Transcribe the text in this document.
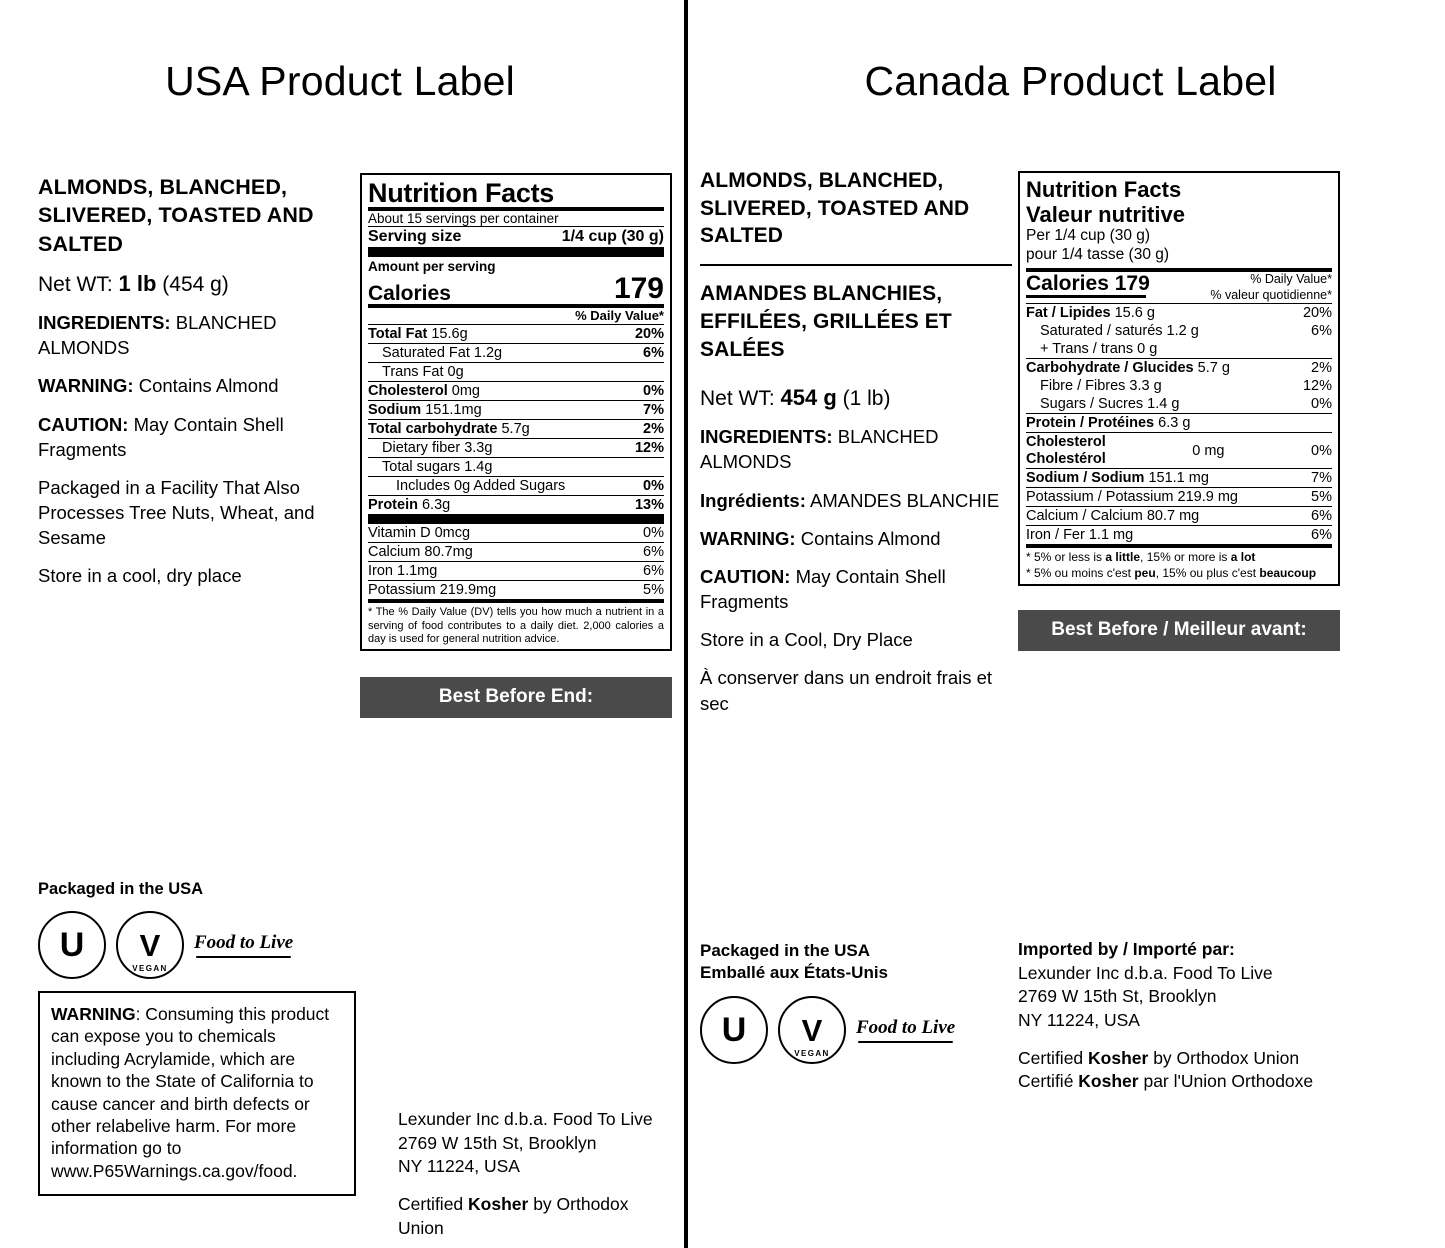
USA Product Label
ALMONDS, BLANCHED, SLIVERED, TOASTED AND SALTED
Net WT: 1 lb (454 g)
INGREDIENTS: BLANCHED ALMONDS
WARNING: Contains Almond
CAUTION: May Contain Shell Fragments
Packaged in a Facility That Also Processes Tree Nuts, Wheat, and Sesame
Store in a cool, dry place
Nutrition Facts
About 15 servings per container
Serving size	1/4 cup (30 g)
Amount per serving
Calories	179
% Daily Value*
Total Fat 15.6g	20%
Saturated Fat 1.2g	6%
Trans Fat 0g
Cholesterol 0mg	0%
Sodium 151.1mg	7%
Total carbohydrate 5.7g	2%
Dietary fiber 3.3g	12%
Total sugars 1.4g
Includes 0g Added Sugars	0%
Protein 6.3g	13%
Vitamin D 0mcg	0%
Calcium 80.7mg	6%
Iron 1.1mg	6%
Potassium 219.9mg	5%
* The % Daily Value (DV) tells you how much a nutrient in a serving of food contributes to a daily diet. 2,000 calories a day is used for general nutrition advice.
Best Before End:
Packaged in the USA
U V
VEGAN
Food to Live
WARNING: Consuming this product can expose you to chemicals including Acrylamide, which are known to the State of California to cause cancer and birth defects or other relabelive harm. For more information go to www.P65Warnings.ca.gov/food.
Lexunder Inc d.b.a. Food To Live
2769 W 15th St, Brooklyn
NY 11224, USA
Certified Kosher by Orthodox Union
Canada Product Label
ALMONDS, BLANCHED, SLIVERED, TOASTED AND SALTED
AMANDES BLANCHIES, EFFILÉES, GRILLÉES ET SALÉES
Net WT: 454 g (1 lb)
INGREDIENTS: BLANCHED ALMONDS
Ingrédients: AMANDES BLANCHIE
WARNING: Contains Almond
CAUTION: May Contain Shell Fragments
Store in a Cool, Dry Place
À conserver dans un endroit frais et sec
Nutrition Facts
Valeur nutritive
Per 1/4 cup (30 g)
pour 1/4 tasse (30 g)
Calories 179	% Daily Value*
% valeur quotidienne*
Fat / Lipides 15.6 g	20%
Saturated / saturés 1.2 g	6%
+ Trans / trans 0 g
Carbohydrate / Glucides 5.7 g	2%
Fibre / Fibres 3.3 g	12%
Sugars / Sucres 1.4 g	0%
Protein / Protéines 6.3 g
Cholesterol
Cholestérol	0 mg	0%
Sodium / Sodium 151.1 mg	7%
Potassium / Potassium 219.9 mg	5%
Calcium / Calcium 80.7 mg	6%
Iron / Fer 1.1 mg	6%
* 5% or less is a little, 15% or more is a lot
* 5% ou moins c'est peu, 15% ou plus c'est beaucoup
Best Before / Meilleur avant:
Packaged in the USA
Emballé aux États-Unis
U V
VEGAN
Food to Live
Imported by / Importé par:
Lexunder Inc d.b.a. Food To Live
2769 W 15th St, Brooklyn
NY 11224, USA
Certified Kosher by Orthodox Union
Certifié Kosher par l'Union Orthodoxe
